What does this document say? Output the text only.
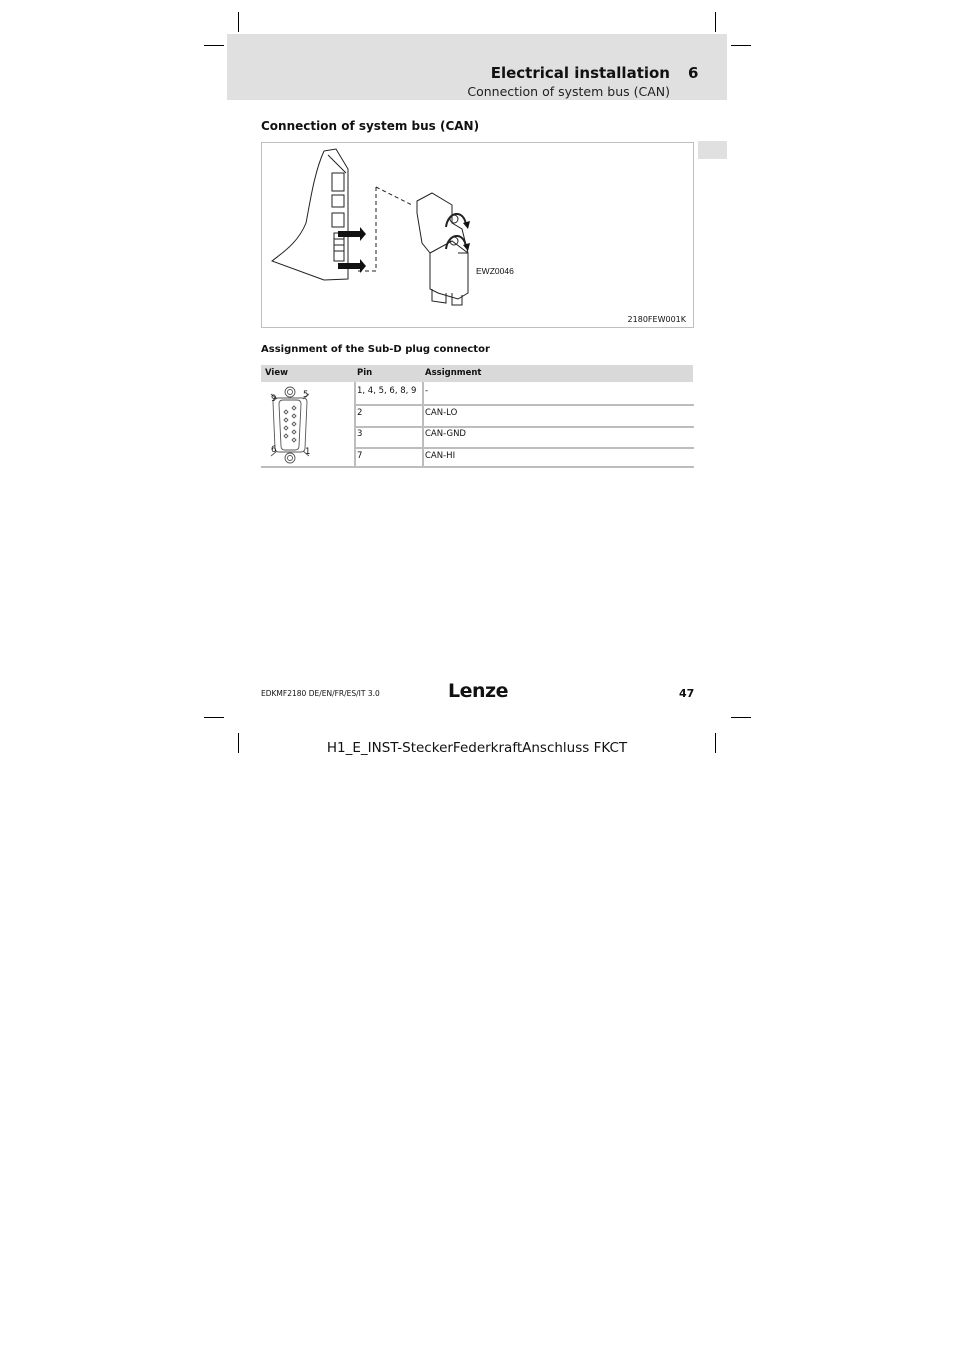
Electrical installation 6
Connection of system bus (CAN)
Connection of system bus (CAN)
EWZ0046
2180FEW001K
Assignment of the Sub-D plug connector
View	Pin	Assignment
9	5
6	1
1, 4, 5, 6, 8, 9 -
2	CAN-LO
3	CAN-GND
7	CAN-HI
EDKMF2180 DE/EN/FR/ES/IT 3.0	Lenze	47
H1_E_INST-SteckerFederkraftAnschluss FKCT
